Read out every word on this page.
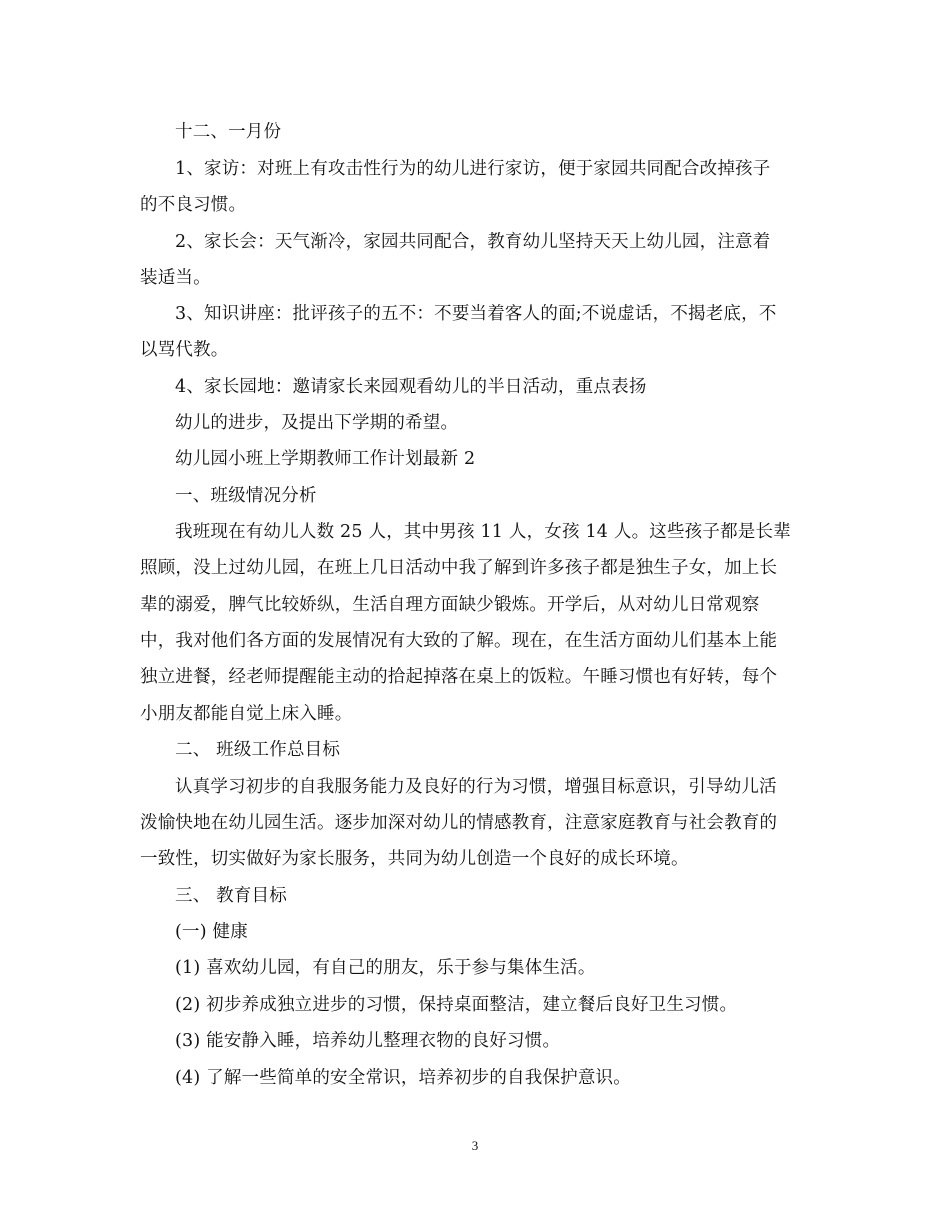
十二、一月份
1、家访：对班上有攻击性行为的幼儿进行家访，便于家园共同配合改掉孩子
的不良习惯。
2、家长会：天气渐冷，家园共同配合，教育幼儿坚持天天上幼儿园，注意着
装适当。
3、知识讲座：批评孩子的五不：不要当着客人的面;不说虚话，不揭老底，不
以骂代教。
4、家长园地：邀请家长来园观看幼儿的半日活动，重点表扬
幼儿的进步，及提出下学期的希望。
幼儿园小班上学期教师工作计划最新 2
一、班级情况分析
我班现在有幼儿人数 25 人，其中男孩 11 人，女孩 14 人。这些孩子都是长辈
照顾，没上过幼儿园，在班上几日活动中我了解到许多孩子都是独生子女，加上长
辈的溺爱，脾气比较娇纵，生活自理方面缺少锻炼。开学后，从对幼儿日常观察
中，我对他们各方面的发展情况有大致的了解。现在，在生活方面幼儿们基本上能
独立进餐，经老师提醒能主动的拾起掉落在桌上的饭粒。午睡习惯也有好转，每个
小朋友都能自觉上床入睡。
二、 班级工作总目标
认真学习初步的自我服务能力及良好的行为习惯，增强目标意识，引导幼儿活
泼愉快地在幼儿园生活。逐步加深对幼儿的情感教育，注意家庭教育与社会教育的
一致性，切实做好为家长服务，共同为幼儿创造一个良好的成长环境。
三、 教育目标
(一) 健康
(1) 喜欢幼儿园，有自己的朋友，乐于参与集体生活。
(2) 初步养成独立进步的习惯，保持桌面整洁，建立餐后良好卫生习惯。
(3) 能安静入睡，培养幼儿整理衣物的良好习惯。
(4) 了解一些简单的安全常识，培养初步的自我保护意识。
3
